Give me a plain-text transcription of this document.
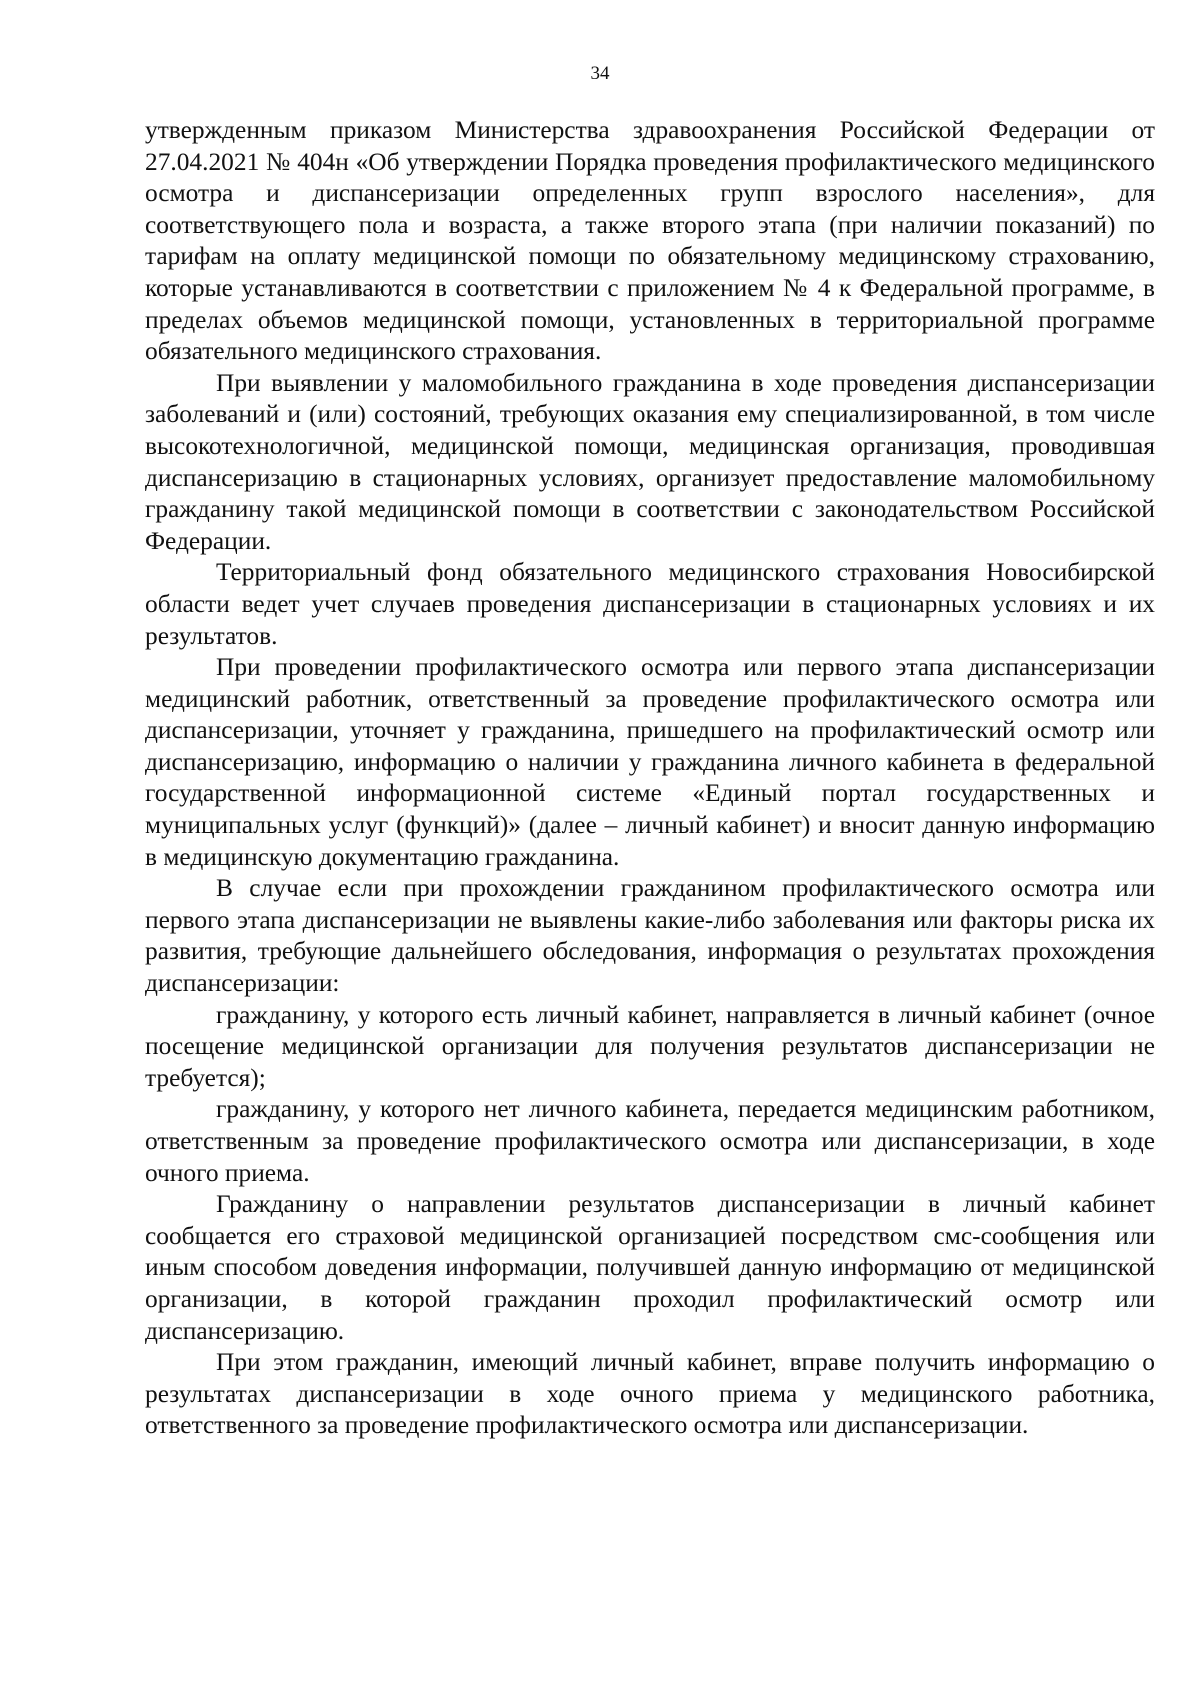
34

утвержденным приказом Министерства здравоохранения Российской Федерации от 27.04.2021 № 404н «Об утверждении Порядка проведения профилактического медицинского осмотра и диспансеризации определенных групп взрослого населения», для соответствующего пола и возраста, а также второго этапа (при наличии показаний) по тарифам на оплату медицинской помощи по обязательному медицинскому страхованию, которые устанавливаются в соответствии с приложением № 4 к Федеральной программе, в пределах объемов медицинской помощи, установленных в территориальной программе обязательного медицинского страхования.

При выявлении у маломобильного гражданина в ходе проведения диспансеризации заболеваний и (или) состояний, требующих оказания ему специализированной, в том числе высокотехнологичной, медицинской помощи, медицинская организация, проводившая диспансеризацию в стационарных условиях, организует предоставление маломобильному гражданину такой медицинской помощи в соответствии с законодательством Российской Федерации.

Территориальный фонд обязательного медицинского страхования Новосибирской области ведет учет случаев проведения диспансеризации в стационарных условиях и их результатов.

При проведении профилактического осмотра или первого этапа диспансеризации медицинский работник, ответственный за проведение профилактического осмотра или диспансеризации, уточняет у гражданина, пришедшего на профилактический осмотр или диспансеризацию, информацию о наличии у гражданина личного кабинета в федеральной государственной информационной системе «Единый портал государственных и муниципальных услуг (функций)» (далее – личный кабинет) и вносит данную информацию в медицинскую документацию гражданина.

В случае если при прохождении гражданином профилактического осмотра или первого этапа диспансеризации не выявлены какие-либо заболевания или факторы риска их развития, требующие дальнейшего обследования, информация о результатах прохождения диспансеризации:

гражданину, у которого есть личный кабинет, направляется в личный кабинет (очное посещение медицинской организации для получения результатов диспансеризации не требуется);

гражданину, у которого нет личного кабинета, передается медицинским работником, ответственным за проведение профилактического осмотра или диспансеризации, в ходе очного приема.

Гражданину о направлении результатов диспансеризации в личный кабинет сообщается его страховой медицинской организацией посредством смс-сообщения или иным способом доведения информации, получившей данную информацию от медицинской организации, в которой гражданин проходил профилактический осмотр или диспансеризацию.

При этом гражданин, имеющий личный кабинет, вправе получить информацию о результатах диспансеризации в ходе очного приема у медицинского работника, ответственного за проведение профилактического осмотра или диспансеризации.
